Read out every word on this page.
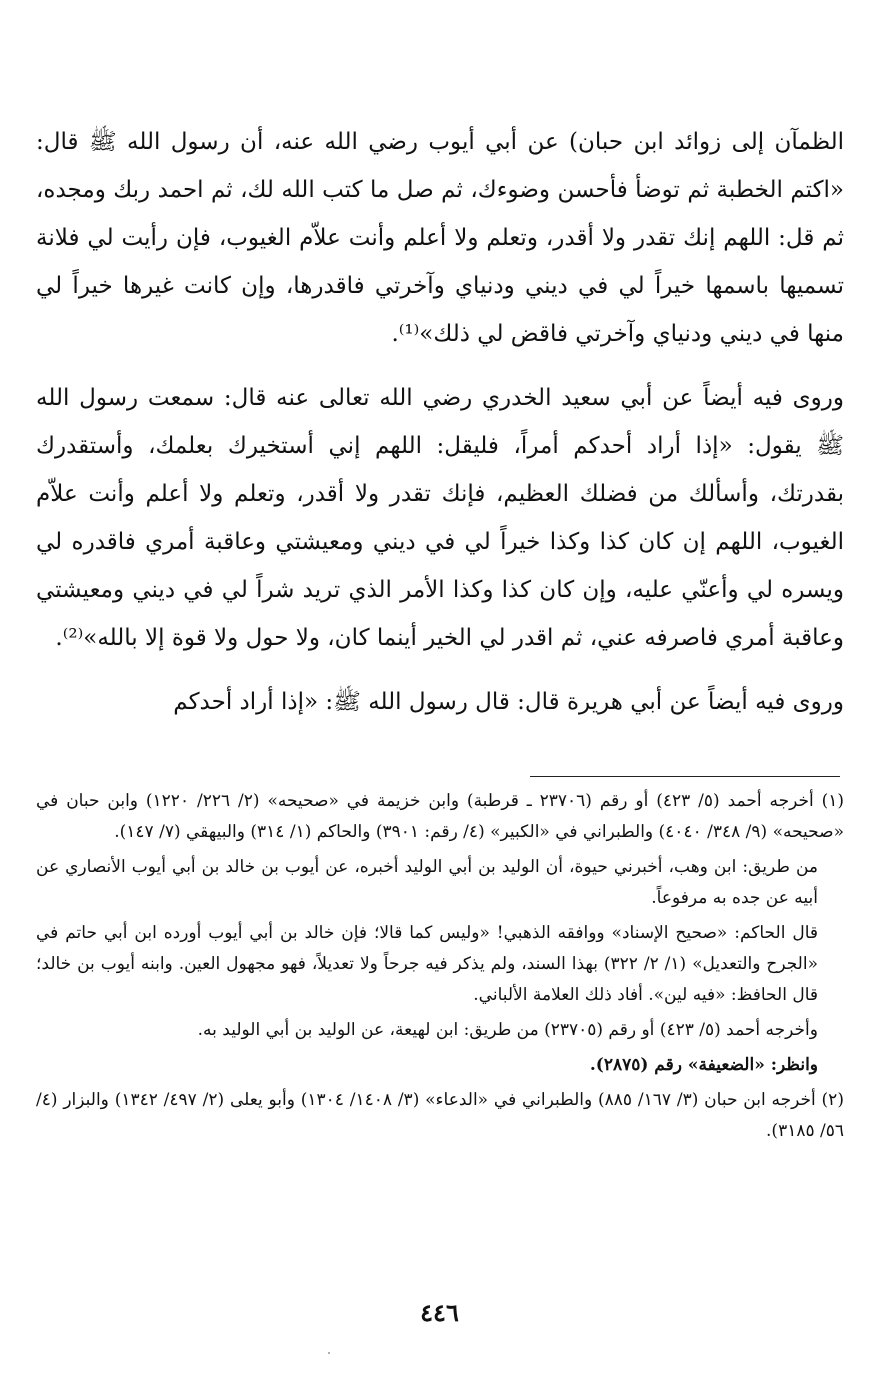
الظمآن إلى زوائد ابن حبان) عن أبي أيوب رضي الله عنه، أن رسول الله ﷺ قال: «اكتم الخطبة ثم توضأ فأحسن وضوءك، ثم صل ما كتب الله لك، ثم احمد ربك ومجده، ثم قل: اللهم إنك تقدر ولا أقدر، وتعلم ولا أعلم وأنت علاّم الغيوب، فإن رأيت لي فلانة تسميها باسمها خيراً لي في ديني ودنياي وآخرتي فاقدرها، وإن كانت غيرها خيراً لي منها في ديني ودنياي وآخرتي فاقض لي ذلك»⁽¹⁾.

وروى فيه أيضاً عن أبي سعيد الخدري رضي الله تعالى عنه قال: سمعت رسول الله ﷺ يقول: «إذا أراد أحدكم أمراً، فليقل: اللهم إني أستخيرك بعلمك، وأستقدرك بقدرتك، وأسألك من فضلك العظيم، فإنك تقدر ولا أقدر، وتعلم ولا أعلم وأنت علاّم الغيوب، اللهم إن كان كذا وكذا خيراً لي في ديني ومعيشتي وعاقبة أمري فاقدره لي ويسره لي وأعنّي عليه، وإن كان كذا وكذا الأمر الذي تريد شراً لي في ديني ومعيشتي وعاقبة أمري فاصرفه عني، ثم اقدر لي الخير أينما كان، ولا حول ولا قوة إلا بالله»⁽²⁾.

وروى فيه أيضاً عن أبي هريرة قال: قال رسول الله ﷺ: «إذا أراد أحدكم

(١) أخرجه أحمد (٥/ ٤٢٣) أو رقم (٢٣٧٠٦ ـ قرطبة) وابن خزيمة في «صحيحه» (٢/ ٢٢٦/ ١٢٢٠) وابن حبان في «صحيحه» (٩/ ٣٤٨/ ٤٠٤٠) والطبراني في «الكبير» (٤/ رقم: ٣٩٠١) والحاكم (١/ ٣١٤) والبيهقي (٧/ ١٤٧).

من طريق: ابن وهب، أخبرني حيوة، أن الوليد بن أبي الوليد أخبره، عن أيوب بن خالد بن أبي أيوب الأنصاري عن أبيه عن جده به مرفوعاً.

قال الحاكم: «صحيح الإسناد» ووافقه الذهبي! «وليس كما قالا؛ فإن خالد بن أبي أيوب أورده ابن أبي حاتم في «الجرح والتعديل» (١/ ٢/ ٣٢٢) بهذا السند، ولم يذكر فيه جرحاً ولا تعديلاً، فهو مجهول العين. وابنه أيوب بن خالد؛ قال الحافظ: «فيه لين». أفاد ذلك العلامة الألباني.

وأخرجه أحمد (٥/ ٤٢٣) أو رقم (٢٣٧٠٥) من طريق: ابن لهيعة، عن الوليد بن أبي الوليد به.

وانظر: «الضعيفة» رقم (٢٨٧٥).

(٢) أخرجه ابن حبان (٣/ ١٦٧/ ٨٨٥) والطبراني في «الدعاء» (٣/ ١٤٠٨/ ١٣٠٤) وأبو يعلى (٢/ ٤٩٧/ ١٣٤٢) والبزار (٤/ ٥٦/ ٣١٨٥).

٤٤٦
